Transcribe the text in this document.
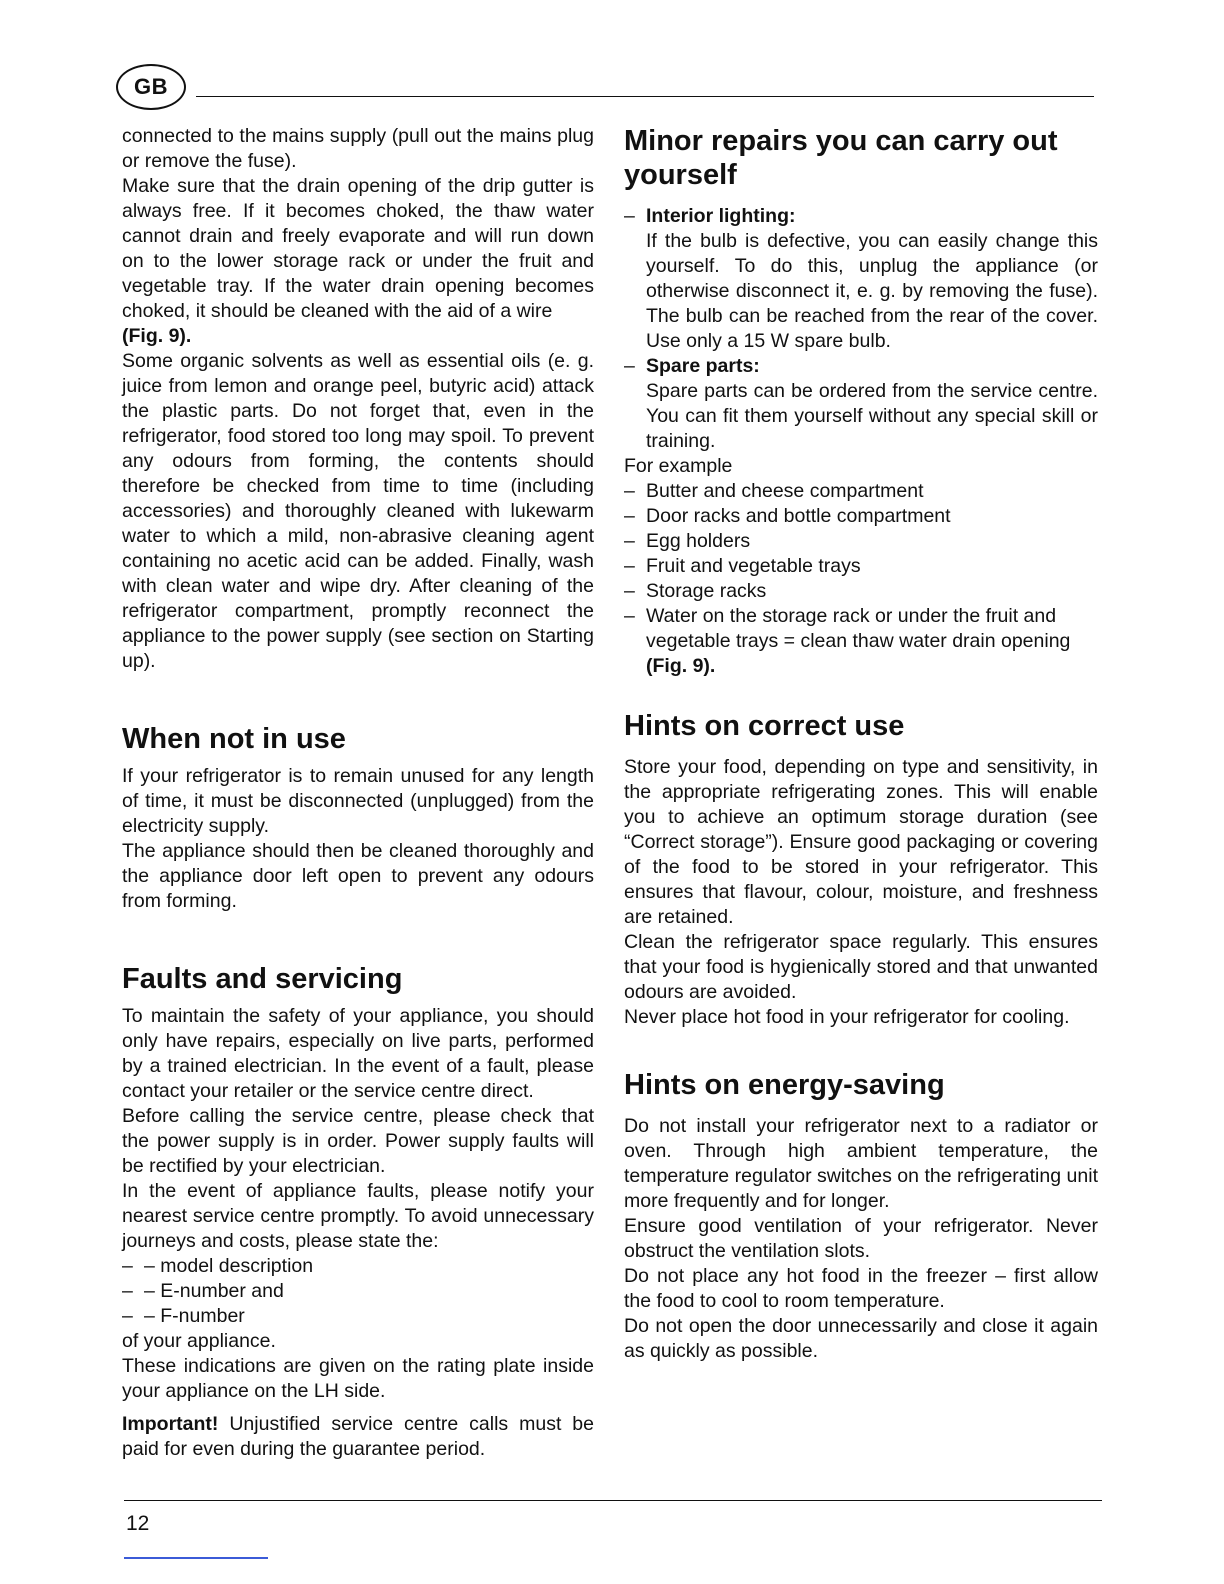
GB

connected to the mains supply (pull out the mains plug or remove the fuse).

Make sure that the drain opening of the drip gutter is always free. If it becomes choked, the thaw water cannot drain and freely evaporate and will run down on to the lower storage rack or under the fruit and vegetable tray. If the water drain opening becomes choked, it should be cleaned with the aid of a wire

(Fig. 9).

Some organic solvents as well as essential oils (e. g. juice from lemon and orange peel, butyric acid) attack the plastic parts. Do not forget that, even in the refrigerator, food stored too long may spoil. To prevent any odours from forming, the contents should therefore be checked from time to time (including accessories) and thoroughly cleaned with lukewarm water to which a mild, non-abrasive cleaning agent containing no acetic acid can be added. Finally, wash with clean water and wipe dry. After cleaning of the refrigerator compartment, promptly reconnect the appliance to the power supply (see section on Starting up).

When not in use

If your refrigerator is to remain unused for any length of time, it must be disconnected (unplugged) from the electricity supply.

The appliance should then be cleaned thoroughly and the appliance door left open to prevent any odours from forming.

Faults and servicing

To maintain the safety of your appliance, you should only have repairs, especially on live parts, performed by a trained electrician. In the event of a fault, please contact your retailer or the service centre direct.

Before calling the service centre, please check that the power supply is in order. Power supply faults will be rectified by your electrician.

In the event of appliance faults, please notify your nearest service centre promptly. To avoid unnecessary journeys and costs, please state the:

– – model description
– – E-number and
– – F-number

of your appliance.

These indications are given on the rating plate inside your appliance on the LH side.

Important! Unjustified service centre calls must be paid for even during the guarantee period.

Minor repairs you can carry out yourself
– Interior lighting:

If the bulb is defective, you can easily change this yourself. To do this, unplug the appliance (or otherwise disconnect it, e. g. by removing the fuse). The bulb can be reached from the rear of the cover. Use only a 15 W spare bulb.

– Spare parts:

Spare parts can be ordered from the service centre. You can fit them yourself without any special skill or training.

For example

– Butter and cheese compartment
– Door racks and bottle compartment
– Egg holders
– Fruit and vegetable trays
– Storage racks
– Water on the storage rack or under the fruit and vegetable trays = clean thaw water drain opening
(Fig. 9).
Hints on correct use

Store your food, depending on type and sensitivity, in the appropriate refrigerating zones. This will enable you to achieve an optimum storage duration (see “Correct storage”). Ensure good packaging or covering of the food to be stored in your refrigerator. This ensures that flavour, colour, moisture, and freshness are retained.

Clean the refrigerator space regularly. This ensures that your food is hygienically stored and that unwanted odours are avoided.

Never place hot food in your refrigerator for cooling.

Hints on energy-saving

Do not install your refrigerator next to a radiator or oven. Through high ambient temperature, the temperature regulator switches on the refrigerating unit more frequently and for longer.

Ensure good ventilation of your refrigerator. Never obstruct the ventilation slots.

Do not place any hot food in the freezer – first allow the food to cool to room temperature.

Do not open the door unnecessarily and close it again as quickly as possible.

12
